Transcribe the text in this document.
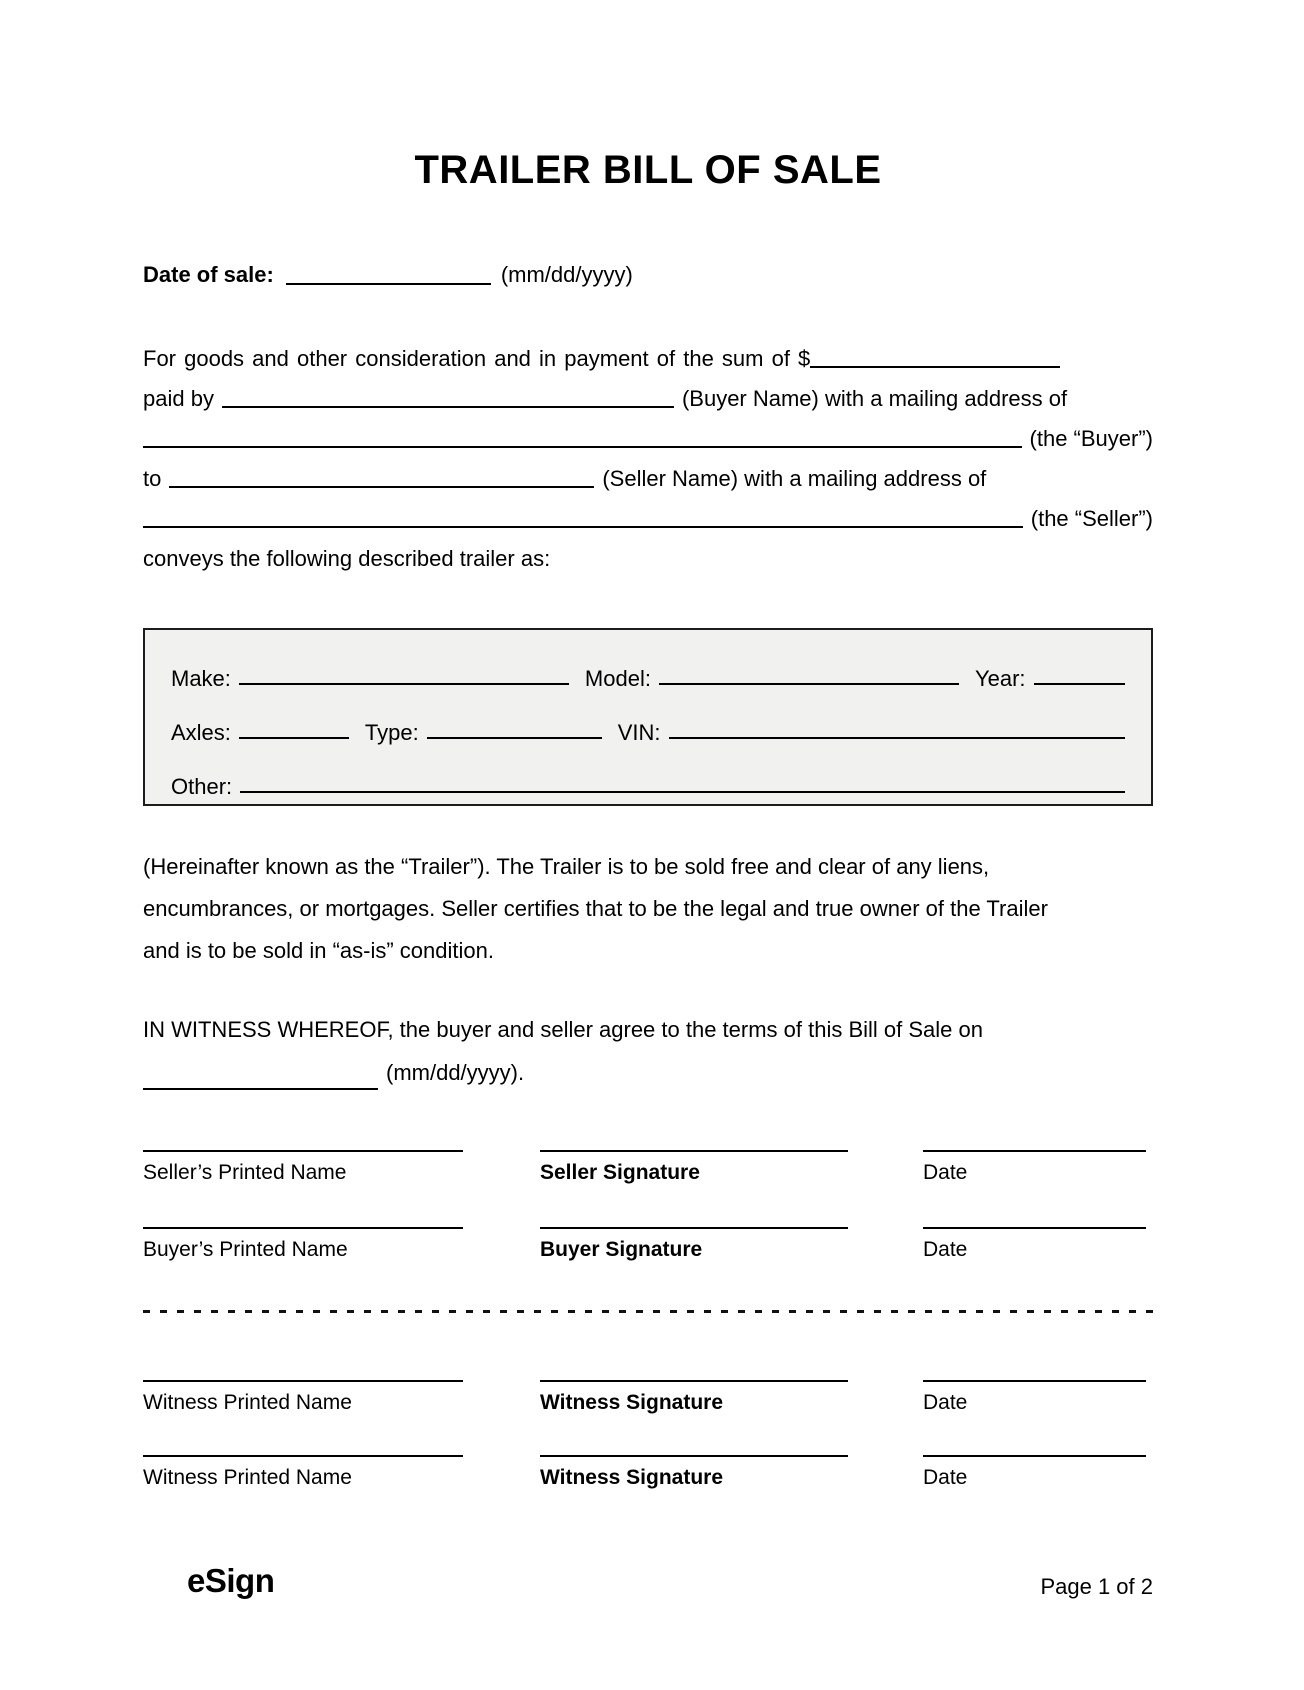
TRAILER BILL OF SALE
Date of sale:	(mm/dd/yyyy)
For goods and other consideration and in payment of the sum of $
paid by	(Buyer Name) with a mailing address of
(the “Buyer”)
to	(Seller Name) with a mailing address of
(the “Seller”)
conveys the following described trailer as:
Make:	Model:	Year:
Axles:	Type:	VIN:
Other:
(Hereinafter known as the “Trailer”). The Trailer is to be sold free and clear of any liens,
encumbrances, or mortgages. Seller certifies that to be the legal and true owner of the Trailer
and is to be sold in “as-is” condition.
IN WITNESS WHEREOF, the buyer and seller agree to the terms of this Bill of Sale on
(mm/dd/yyyy).
Seller’s Printed Name	Seller Signature	Date
Buyer’s Printed Name	Buyer Signature	Date
Witness Printed Name	Witness Signature	Date
Witness Printed Name	Witness Signature	Date
eSign	Page 1 of 2
